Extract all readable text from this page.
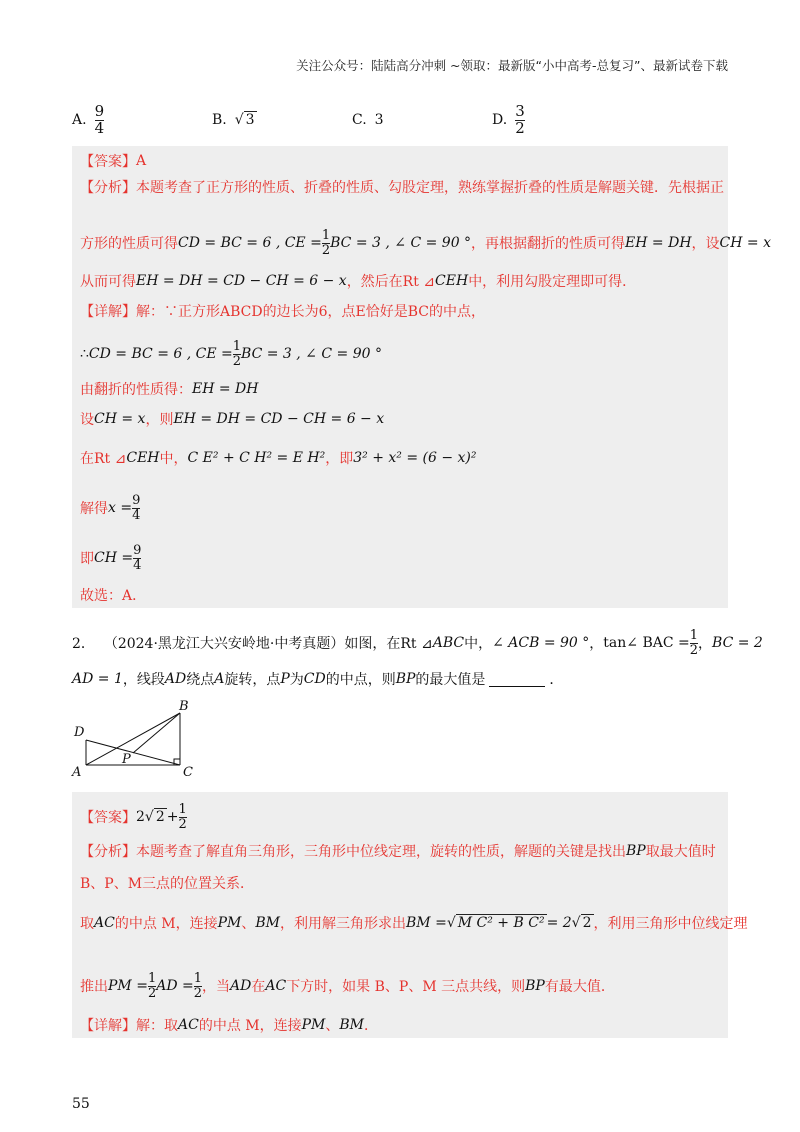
关注公众号：陆陆高分冲刺 ~领取：最新版“小中高考-总复习”、最新试卷下载
A. $\frac{9}{4}$	B. √ 3	C. 3	D. $\frac{3}{2}$
【答案】 A
【分析】 本题考查了正方形的性质、折叠的性质、勾股定理，熟练掌握折叠的性质是解题关键．先根据正
方形的性质可得 CD = BC = 6 , CE = $\frac{1}{2}$ BC = 3 , ∠ C = 90 ° ，再根据翻折的性质可得 EH = DH ，设 CH = x
从而可得 EH = DH = CD − CH = 6 − x ，然后在Rt ⊿ CEH 中，利用勾股定理即可得．
【详解】 解：∵正方形ABCD的边长为6，点E恰好是BC的中点，
∴ CD = BC = 6 , CE = $\frac{1}{2}$ BC = 3 , ∠ C = 90 °
由翻折的性质得： EH = DH
设 CH = x ，则 EH = DH = CD − CH = 6 − x
在Rt ⊿ CEH 中， C E² + C H² = E H² ，即 3² + x² = (6 − x)²
解得 $x = \frac{9}{4}$
即 CH = $\frac{9}{4}$
故选：A．
2．
（2024·黑龙江大兴安岭地·中考真题）如图，在Rt ⊿ ABC 中， ∠ ACB = 90 ° ， tan∠ BAC = $\frac{1}{2}$ ， BC = 2
AD = 1 ，线段 AD 绕点 A 旋转，点 P 为 CD 的中点，则 BP 的最大值是	．
B
D
A
P
C
【答案】 2 √ $2 + \frac{1}{2}$
【分析】 本题考查了解直角三角形，三角形中位线定理，旋转的性质，解题的关键是找出 BP 取最大值时
B、P、M三点的位置关系．
取 AC 的中点 M，连接 PM 、 BM ，利用解三角形求出 BM = √ M C² + B C² = 2 √ 2 ，利用三角形中位线定理
推出 PM = $\frac{1}{2}$ AD = $\frac{1}{2}$ ，当 AD 在 AC 下方时，如果 B、P、M 三点共线，则 BP 有最大值．
【详解】 解：取 AC 的中点 M，连接 PM 、 BM ．
55
